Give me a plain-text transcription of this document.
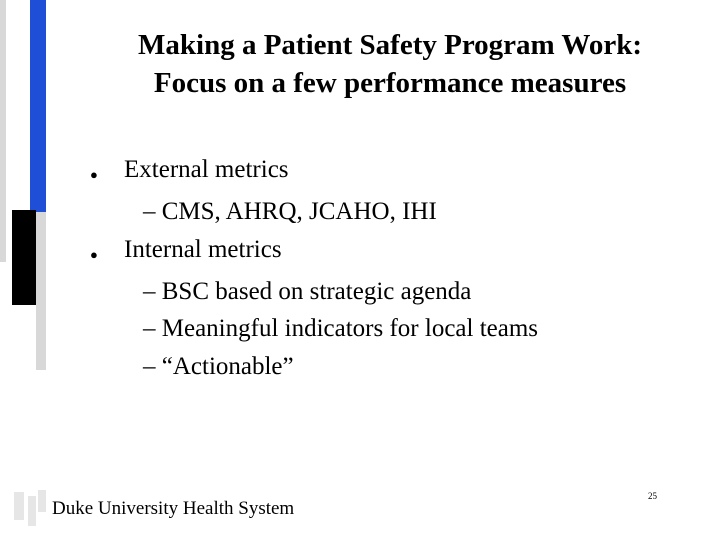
Making a Patient Safety Program Work:
Focus on a few performance measures
● External metrics
– CMS, AHRQ, JCAHO, IHI
● Internal metrics
– BSC based on strategic agenda
– Meaningful indicators for local teams
– “Actionable”
Duke University Health System
25
